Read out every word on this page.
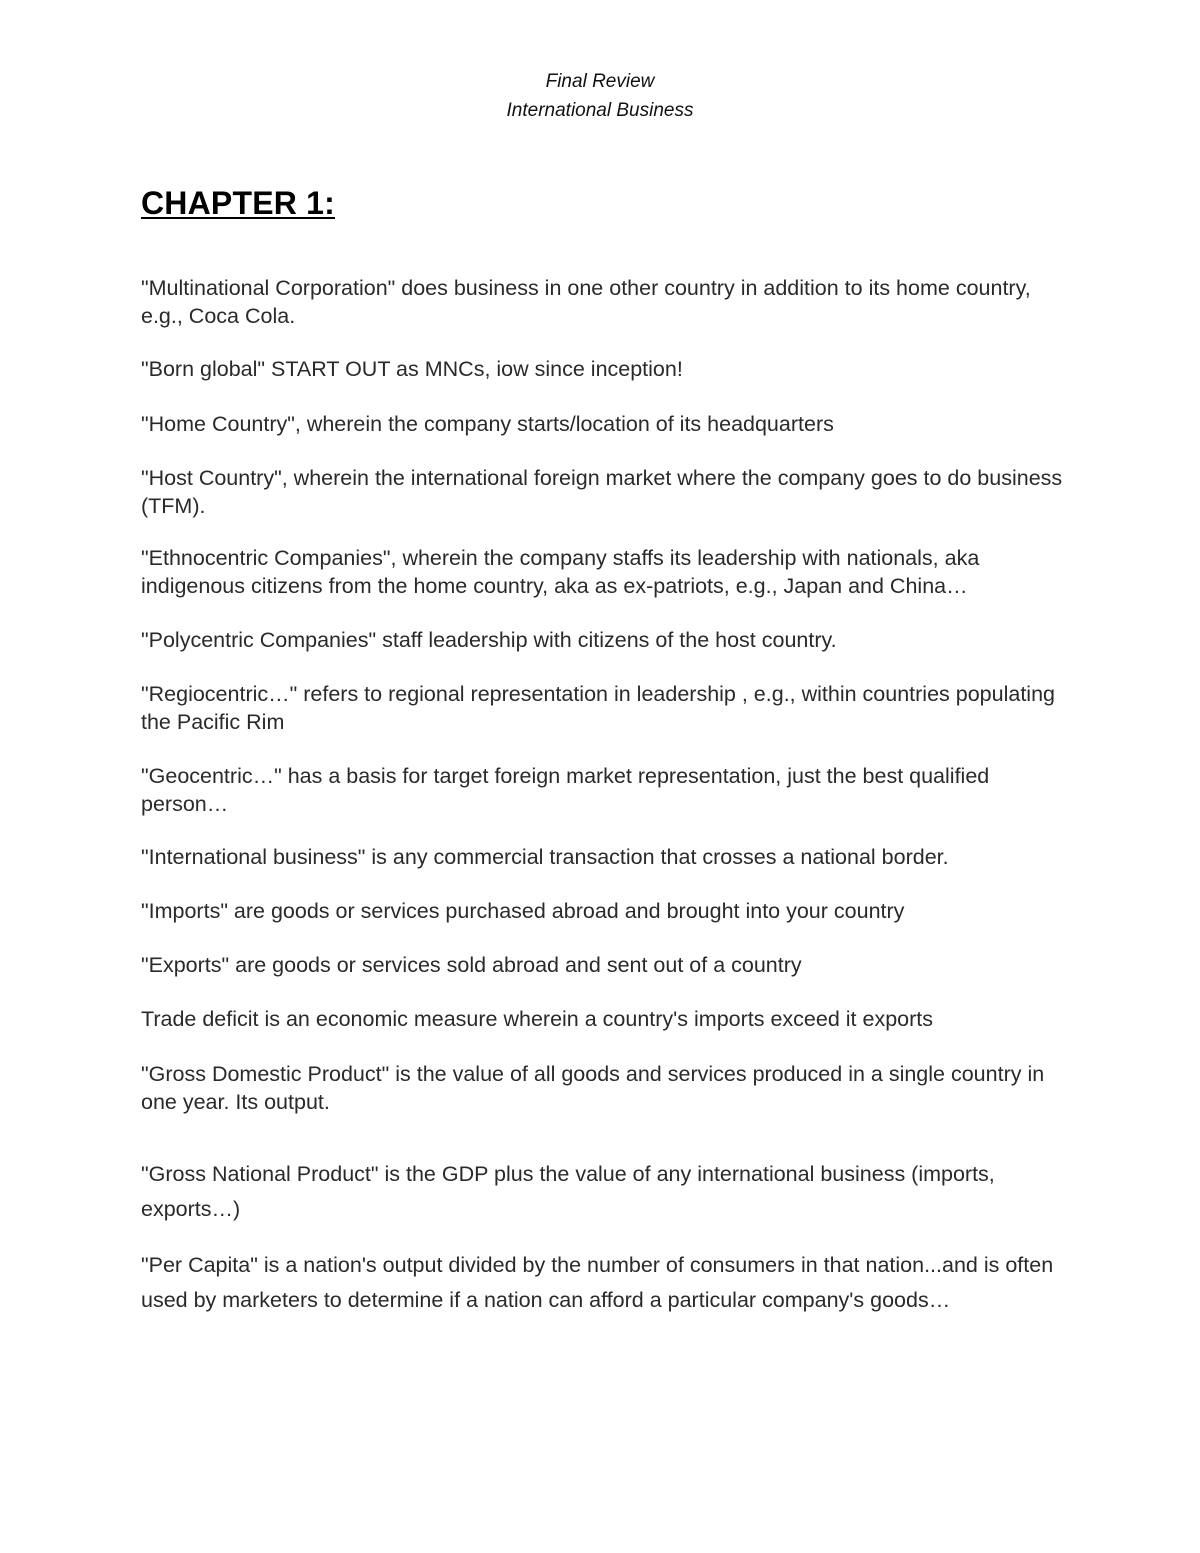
Final Review
International Business
CHAPTER 1:

"Multinational Corporation" does business in one other country in addition to its home country, e.g., Coca Cola.

"Born global" START OUT as MNCs, iow since inception!

"Home Country", wherein the company starts/location of its headquarters

"Host Country", wherein the international foreign market where the company goes to do business (TFM).

"Ethnocentric Companies", wherein the company staffs its leadership with nationals, aka indigenous citizens from the home country, aka as ex-patriots, e.g., Japan and China…

"Polycentric Companies" staff leadership with citizens of the host country.

"Regiocentric…" refers to regional representation in leadership , e.g., within countries populating the Pacific Rim

"Geocentric…" has a basis for target foreign market representation, just the best qualified person…

"International business" is any commercial transaction that crosses a national border.

"Imports" are goods or services purchased abroad and brought into your country

"Exports" are goods or services sold abroad and sent out of a country

Trade deficit is an economic measure wherein a country's imports exceed it exports

"Gross Domestic Product" is the value of all goods and services produced in a single country in one year. Its output.

"Gross National Product" is the GDP plus the value of any international business (imports, exports…)

"Per Capita" is a nation's output divided by the number of consumers in that nation...and is often used by marketers to determine if a nation can afford a particular company's goods…
